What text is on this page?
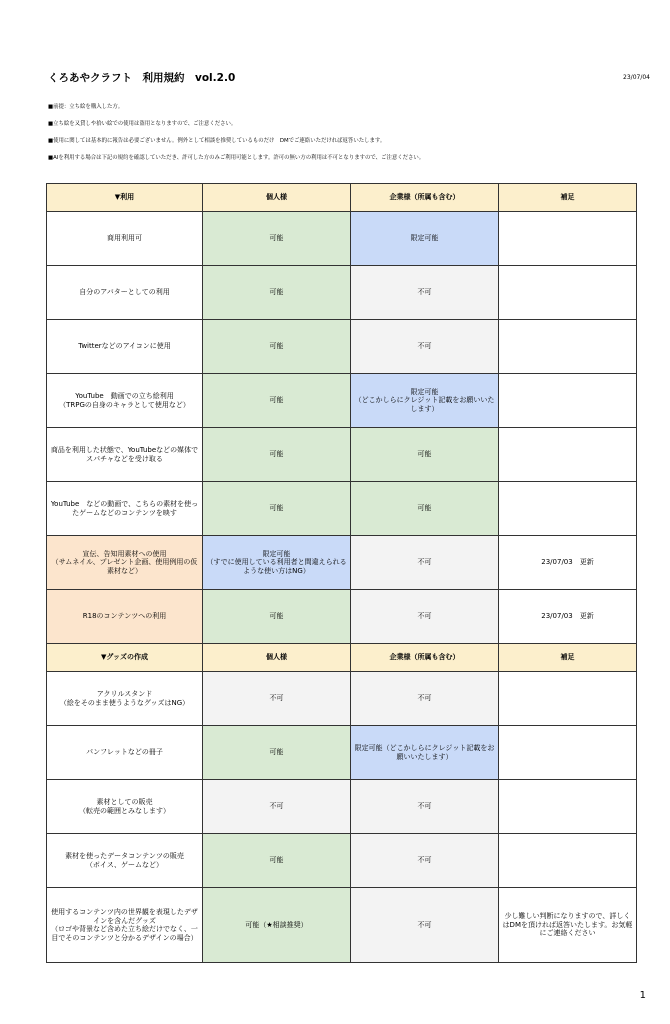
くろあやクラフト　利用規約　vol.2.0	23/07/04
■前提：立ち絵を購入した方。
■立ち絵を又貸しや拾い絵での使用は盗用となりますので、ご注意ください。
■使用に関しては基本的に報告は必要ございません。例外として相談を推奨しているものだけ　DMでご連絡いただければ返答いたします。
■AIを利用する場合は下記の規約を確認していただき、許可した方のみご利用可能とします。許可の無い方の利用は不可となりますので、ご注意ください。
▼利用	個人様	企業様（所属も含む）	補足
商用利用可	可能	限定可能	
自分のアバターとしての利用	可能	不可	
Twitterなどのアイコンに使用	可能	不可	
YouTube　動画での立ち絵利用
（TRPGの自身のキャラとして使用など）	可能	限定可能
（どこかしらにクレジット記載をお願いいたします）	
商品を利用した状態で、YouTubeなどの媒体でスパチャなどを受け取る	可能	可能	
YouTube　などの動画で、こちらの素材を使ったゲームなどのコンテンツを映す	可能	可能	
宣伝、告知用素材への使用
（サムネイル、プレゼント企画、使用例用の仮素材など）	限定可能
（すでに使用している利用者と間違えられるような使い方はNG）	不可	23/07/03　更新
R18のコンテンツへの利用	可能	不可	23/07/03　更新
▼グッズの作成	個人様	企業様（所属も含む）	補足
アクリルスタンド
（絵をそのまま使うようなグッズはNG）	不可	不可	
パンフレットなどの冊子	可能	限定可能（どこかしらにクレジット記載をお願いいたします）	
素材としての販売
（転売の範囲とみなします）	不可	不可	
素材を使ったデータコンテンツの販売
（ボイス、ゲームなど）	可能	不可	
使用するコンテンツ内の世界観を表現したデザインを含んだグッズ
（ロゴや背景など含めた立ち絵だけでなく、一目でそのコンテンツと分かるデザインの場合）	可能（★相談推奨）	不可	少し難しい判断になりますので、詳しくはDMを頂ければ返答いたします。お気軽にご連絡ください
1
